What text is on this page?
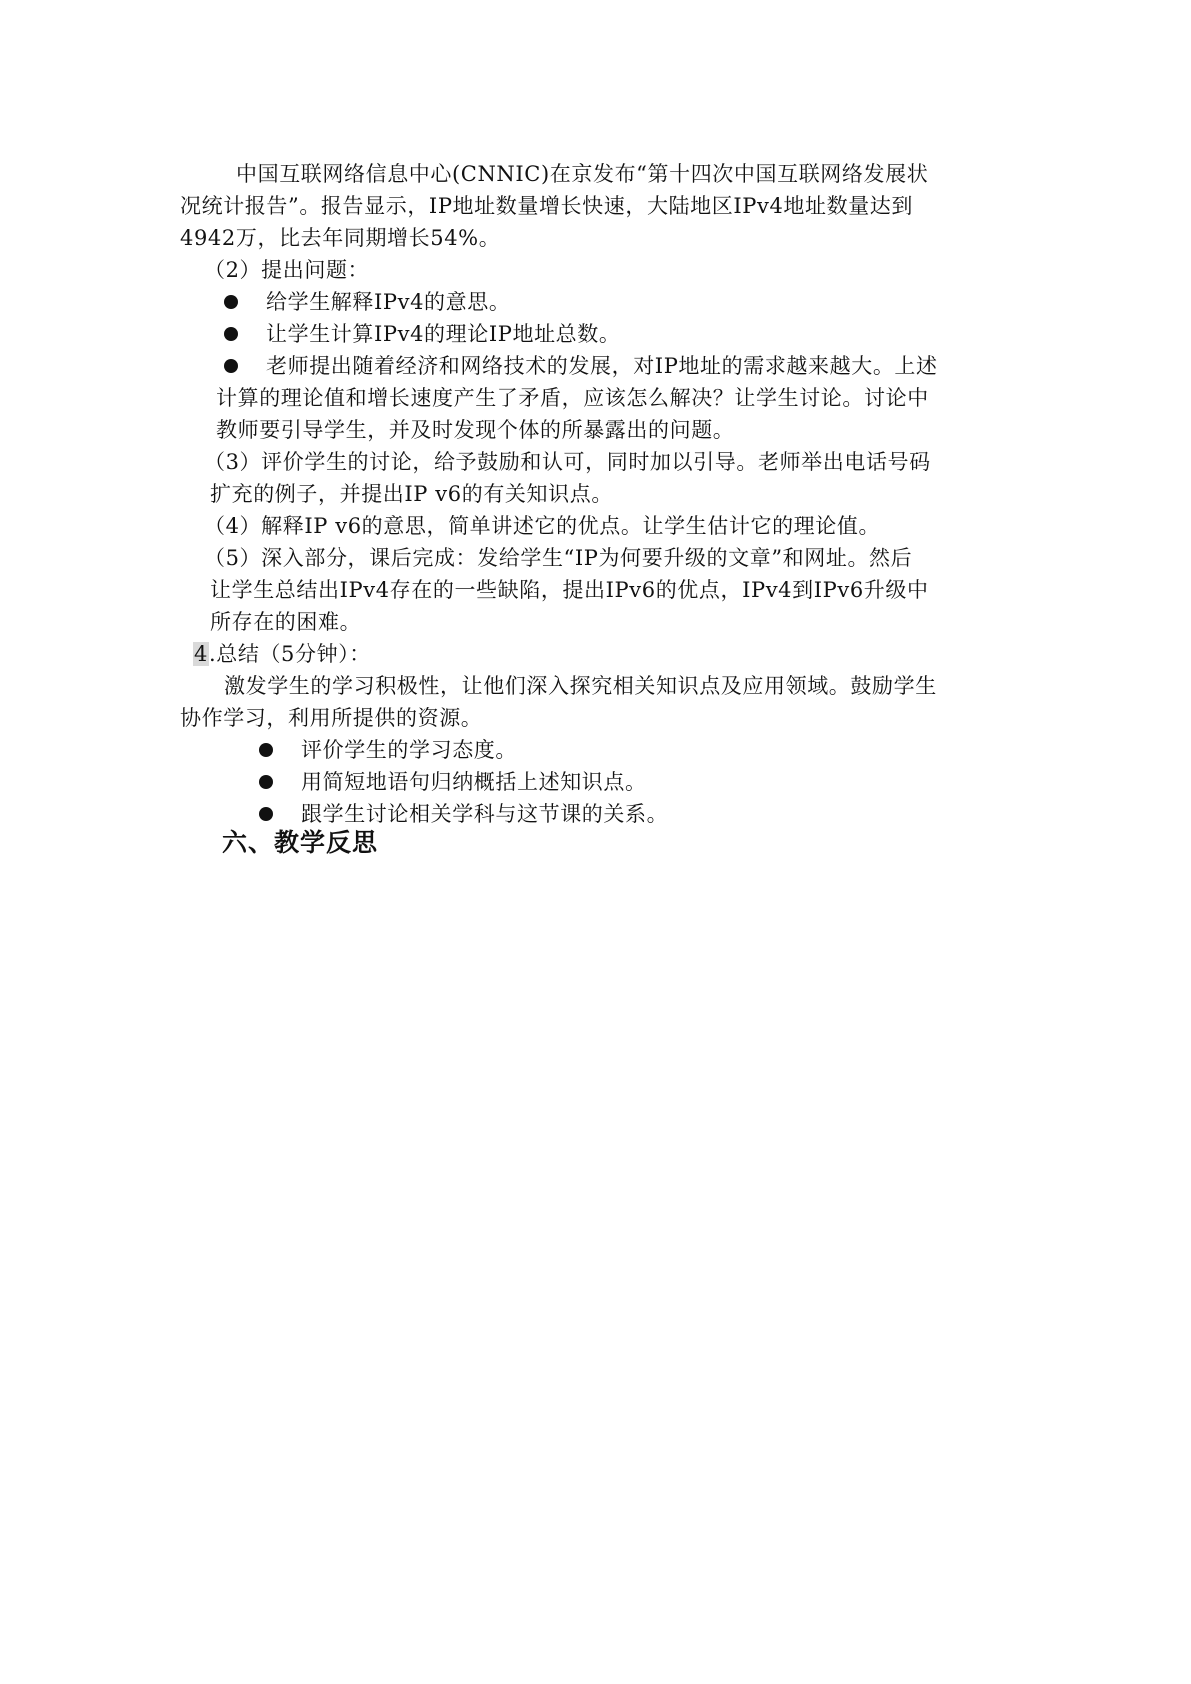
中国互联网络信息中心(CNNIC)在京发布“第十四次中国互联网络发展状
况统计报告”。报告显示，IP地址数量增长快速，大陆地区IPv4地址数量达到
4942万，比去年同期增长54%。
（2）提出问题：
给学生解释IPv4的意思。
让学生计算IPv4的理论IP地址总数。
老师提出随着经济和网络技术的发展，对IP地址的需求越来越大。上述
计算的理论值和增长速度产生了矛盾，应该怎么解决？让学生讨论。讨论中
教师要引导学生，并及时发现个体的所暴露出的问题。
（3）评价学生的讨论，给予鼓励和认可，同时加以引导。老师举出电话号码
扩充的例子，并提出IP v6的有关知识点。
（4）解释IP v6的意思，简单讲述它的优点。让学生估计它的理论值。
（5）深入部分，课后完成：发给学生“IP为何要升级的文章”和网址。然后
让学生总结出IPv4存在的一些缺陷，提出IPv6的优点，IPv4到IPv6升级中
所存在的困难。
4.总结（5分钟）：
激发学生的学习积极性，让他们深入探究相关知识点及应用领域。鼓励学生
协作学习，利用所提供的资源。
评价学生的学习态度。
用简短地语句归纳概括上述知识点。
跟学生讨论相关学科与这节课的关系。
六、教学反思
